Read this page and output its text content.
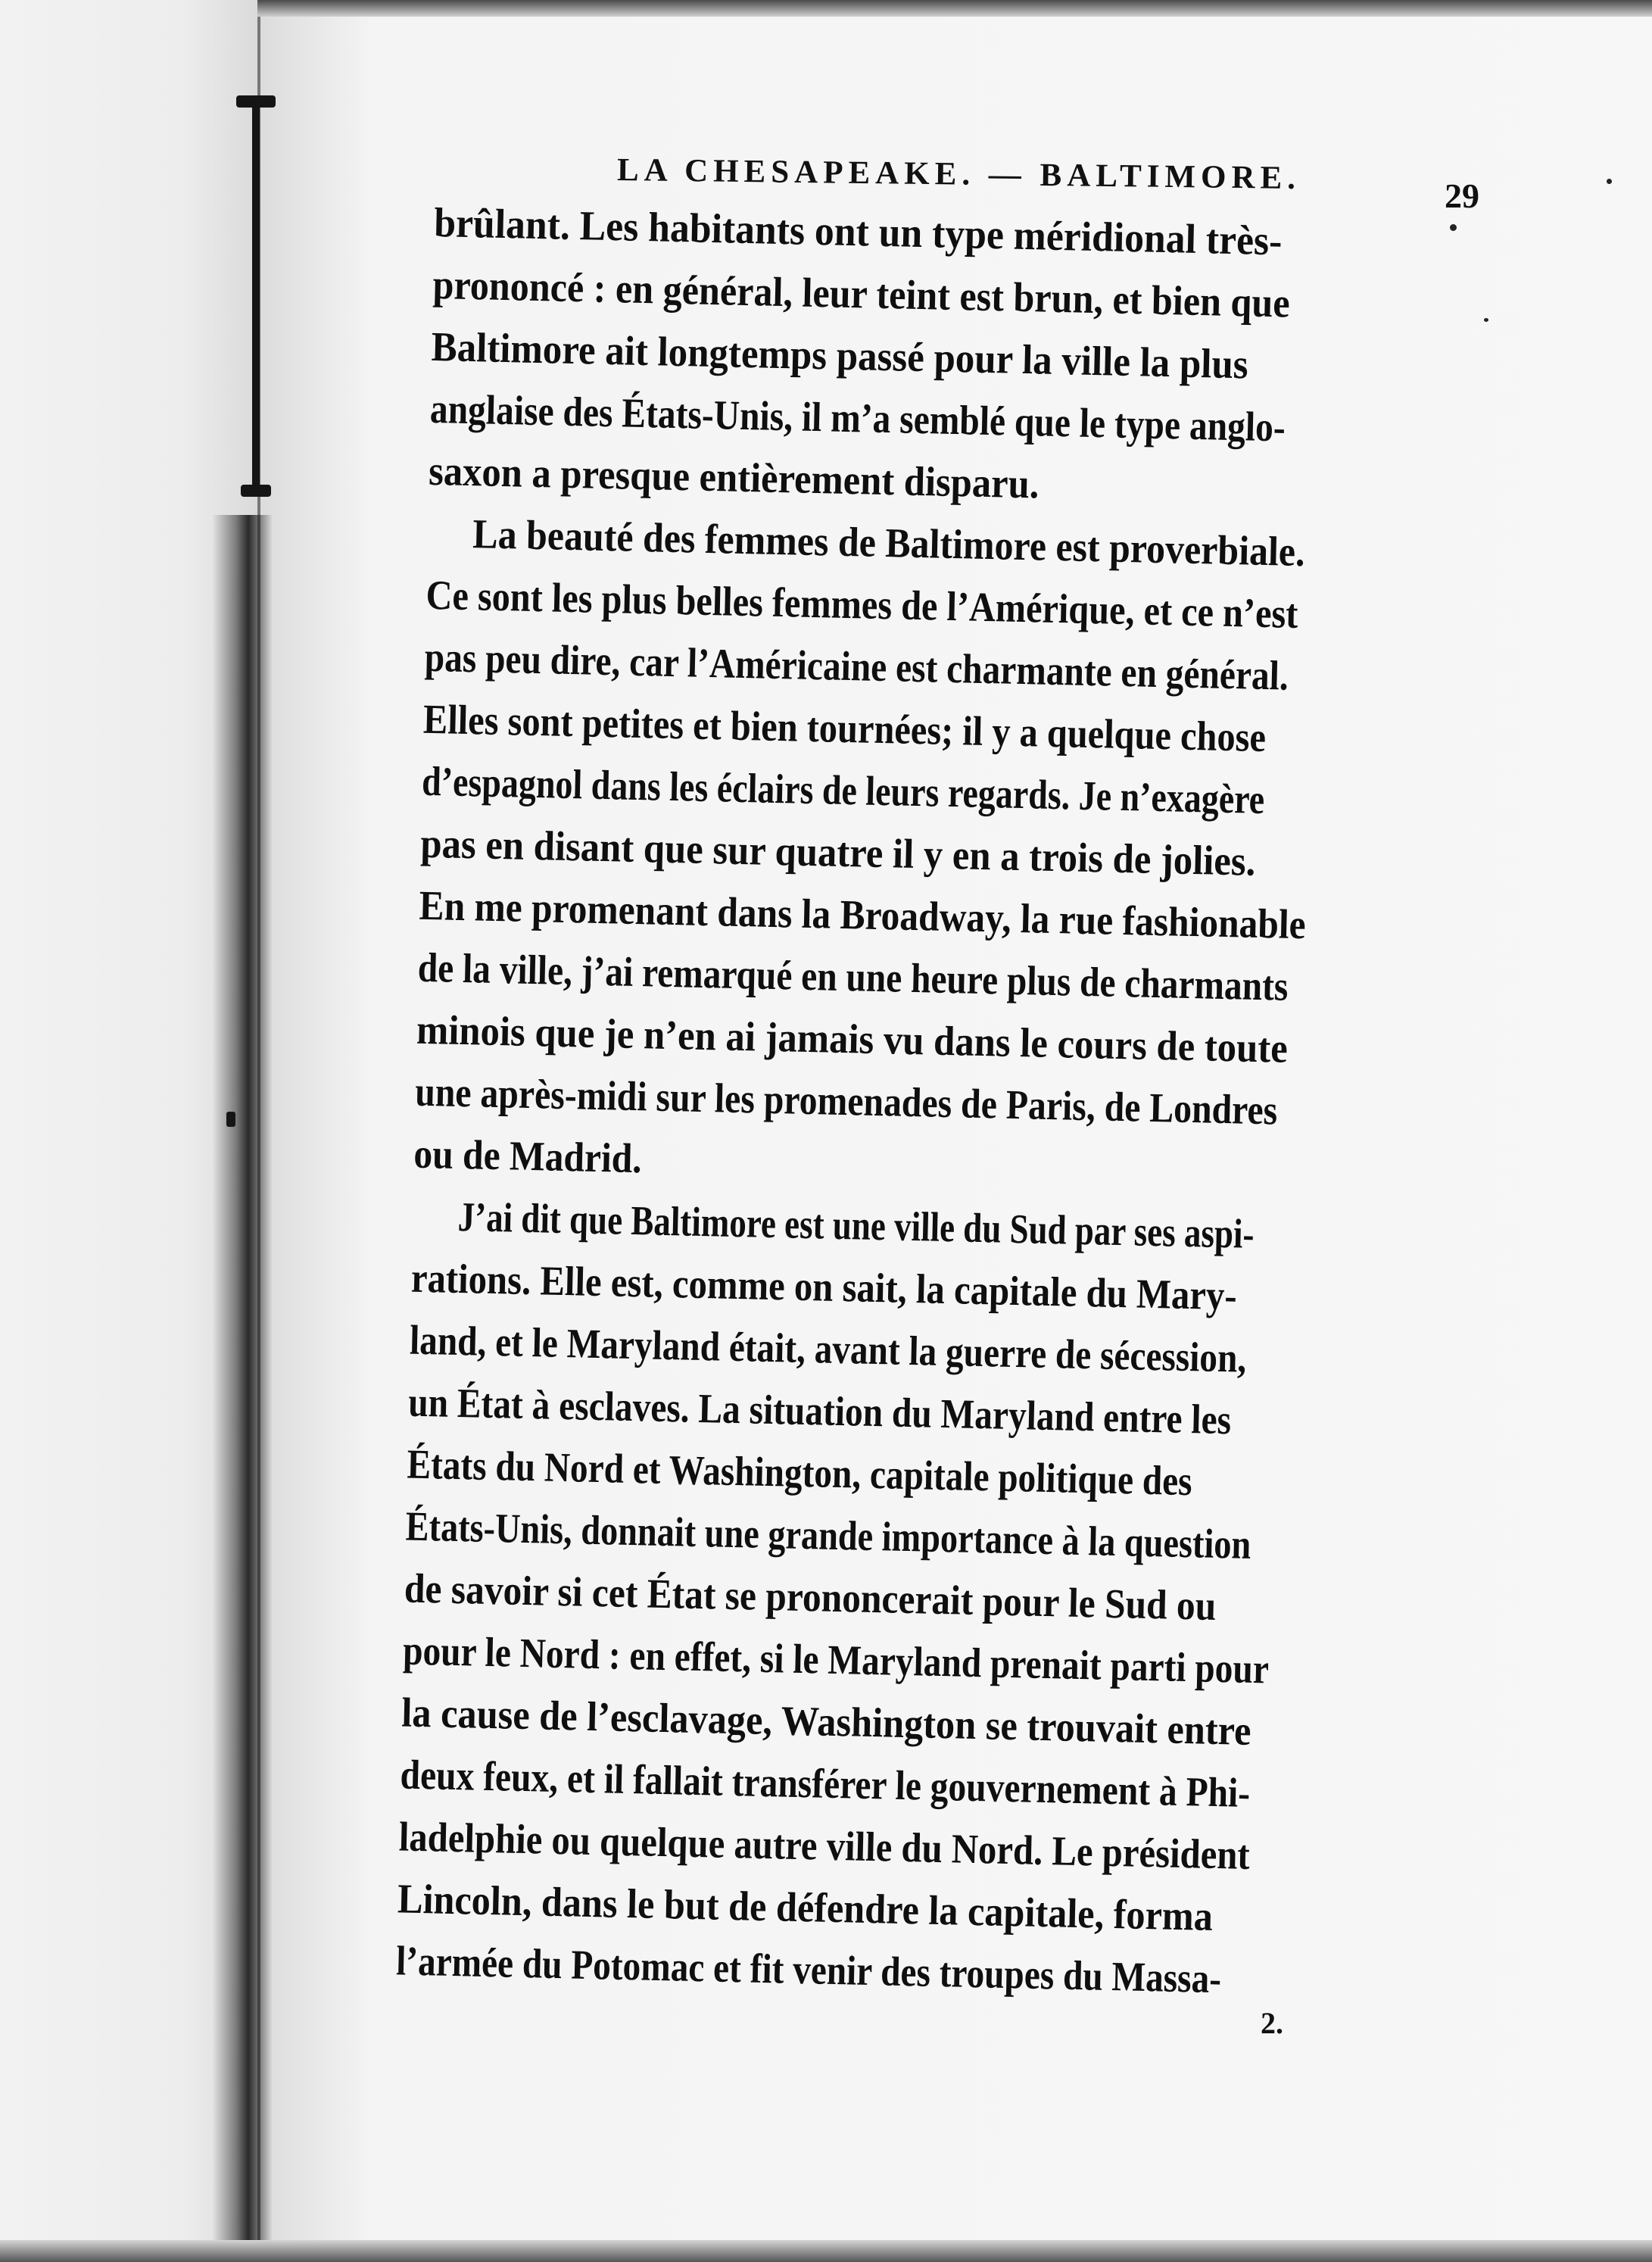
LA CHESAPEAKE. — BALTIMORE.	29
brûlant. Les habitants ont un type méridional très-
prononcé : en général, leur teint est brun, et bien que
Baltimore ait longtemps passé pour la ville la plus
anglaise des États-Unis, il m’a semblé que le type anglo-
saxon a presque entièrement disparu.
La beauté des femmes de Baltimore est proverbiale.
Ce sont les plus belles femmes de l’Amérique, et ce n’est
pas peu dire, car l’Américaine est charmante en général.
Elles sont petites et bien tournées; il y a quelque chose
d’espagnol dans les éclairs de leurs regards. Je n’exagère
pas en disant que sur quatre il y en a trois de jolies.
En me promenant dans la Broadway, la rue fashionable
de la ville, j’ai remarqué en une heure plus de charmants
minois que je n’en ai jamais vu dans le cours de toute
une après-midi sur les promenades de Paris, de Londres
ou de Madrid.
J’ai dit que Baltimore est une ville du Sud par ses aspi-
rations. Elle est, comme on sait, la capitale du Mary-
land, et le Maryland était, avant la guerre de sécession,
un État à esclaves. La situation du Maryland entre les
États du Nord et Washington, capitale politique des
États-Unis, donnait une grande importance à la question
de savoir si cet État se prononcerait pour le Sud ou
pour le Nord : en effet, si le Maryland prenait parti pour
la cause de l’esclavage, Washington se trouvait entre
deux feux, et il fallait transférer le gouvernement à Phi-
ladelphie ou quelque autre ville du Nord. Le président
Lincoln, dans le but de défendre la capitale, forma
l’armée du Potomac et fit venir des troupes du Massa-
2.
